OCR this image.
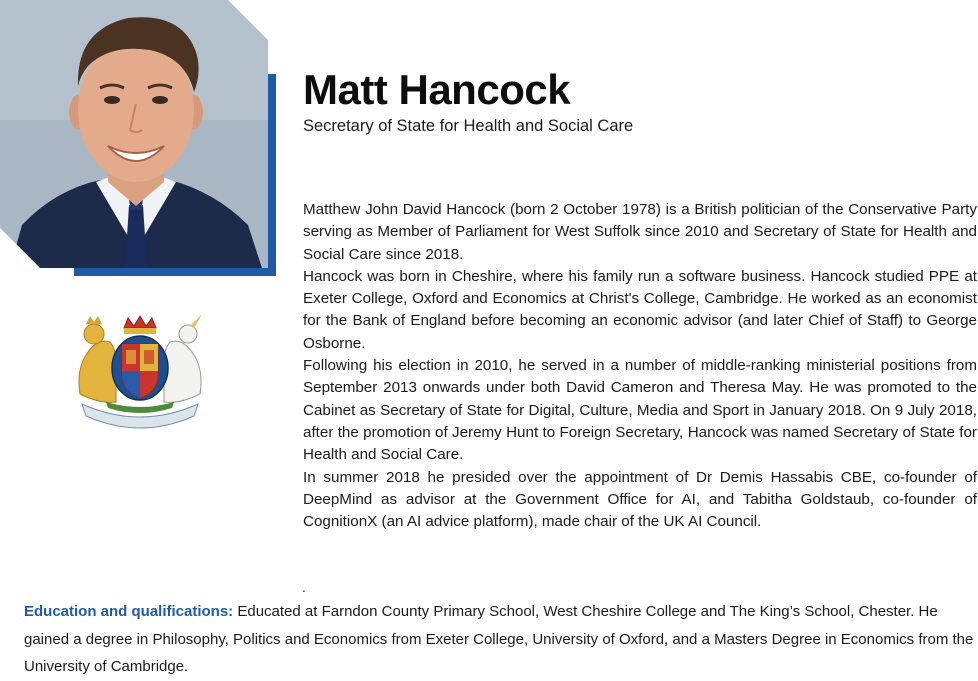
Matt Hancock
Secretary of State for Health and Social Care

Matthew John David Hancock (born 2 October 1978) is a British politician of the Conservative Party serving as Member of Parliament for West Suffolk since 2010 and Secretary of State for Health and Social Care since 2018.

Hancock was born in Cheshire, where his family run a software business. Hancock studied PPE at Exeter College, Oxford and Economics at Christ's College, Cambridge. He worked as an economist for the Bank of England before becoming an economic advisor (and later Chief of Staff) to George Osborne.

Following his election in 2010, he served in a number of middle-ranking ministerial positions from September 2013 onwards under both David Cameron and Theresa May. He was promoted to the Cabinet as Secretary of State for Digital, Culture, Media and Sport in January 2018. On 9 July 2018, after the promotion of Jeremy Hunt to Foreign Secretary, Hancock was named Secretary of State for Health and Social Care.

In summer 2018 he presided over the appointment of Dr Demis Hassabis CBE, co-founder of DeepMind as advisor at the Government Office for AI, and Tabitha Goldstaub, co-founder of CognitionX (an AI advice platform), made chair of the UK AI Council.

.
Education and qualifications: Educated at Farndon County Primary School, West Cheshire College and The King’s School, Chester. He gained a degree in Philosophy, Politics and Economics from Exeter College, University of Oxford, and a Masters Degree in Economics from the University of Cambridge.
